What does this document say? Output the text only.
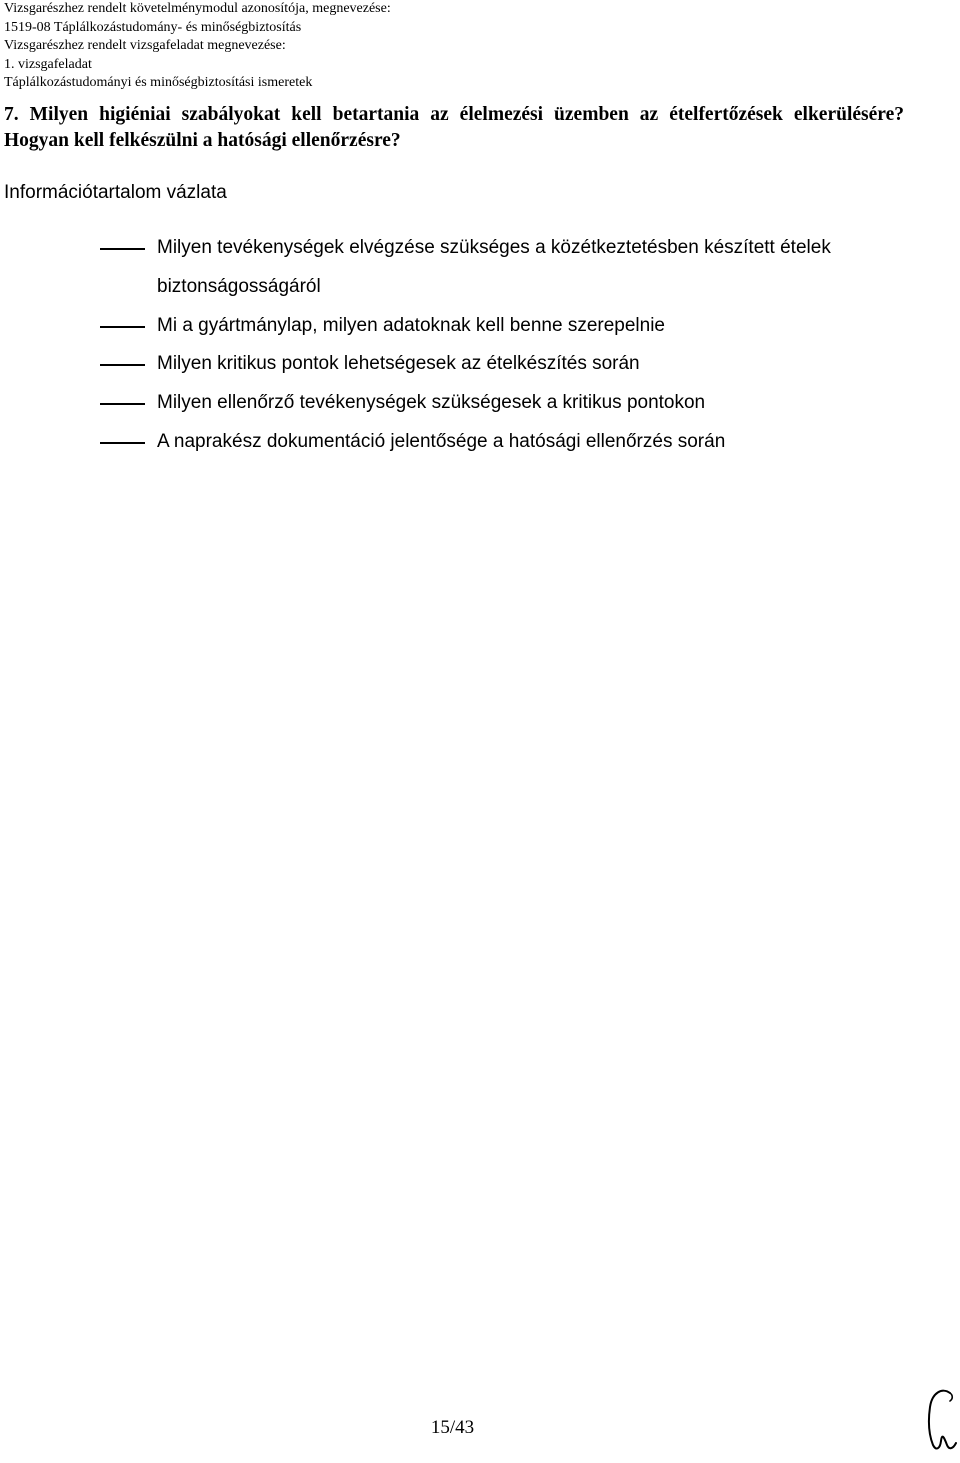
Vizsgarészhez rendelt követelménymodul azonosítója, megnevezése:
1519-08 Táplálkozástudomány- és minőségbiztosítás
Vizsgarészhez rendelt vizsgafeladat megnevezése:
1. vizsgafeladat
Táplálkozástudományi és minőségbiztosítási ismeretek
7. Milyen higiéniai szabályokat kell betartania az élelmezési üzemben az ételfertőzések elkerülésére? Hogyan kell felkészülni a hatósági ellenőrzésre?
Információtartalom vázlata
Milyen tevékenységek elvégzése szükséges a közétkeztetésben készített ételek biztonságosságáról
Mi a gyártmánylap, milyen adatoknak kell benne szerepelnie
Milyen kritikus pontok lehetségesek az ételkészítés során
Milyen ellenőrző tevékenységek szükségesek a kritikus pontokon
A naprakész dokumentáció jelentősége a hatósági ellenőrzés során
15/43
